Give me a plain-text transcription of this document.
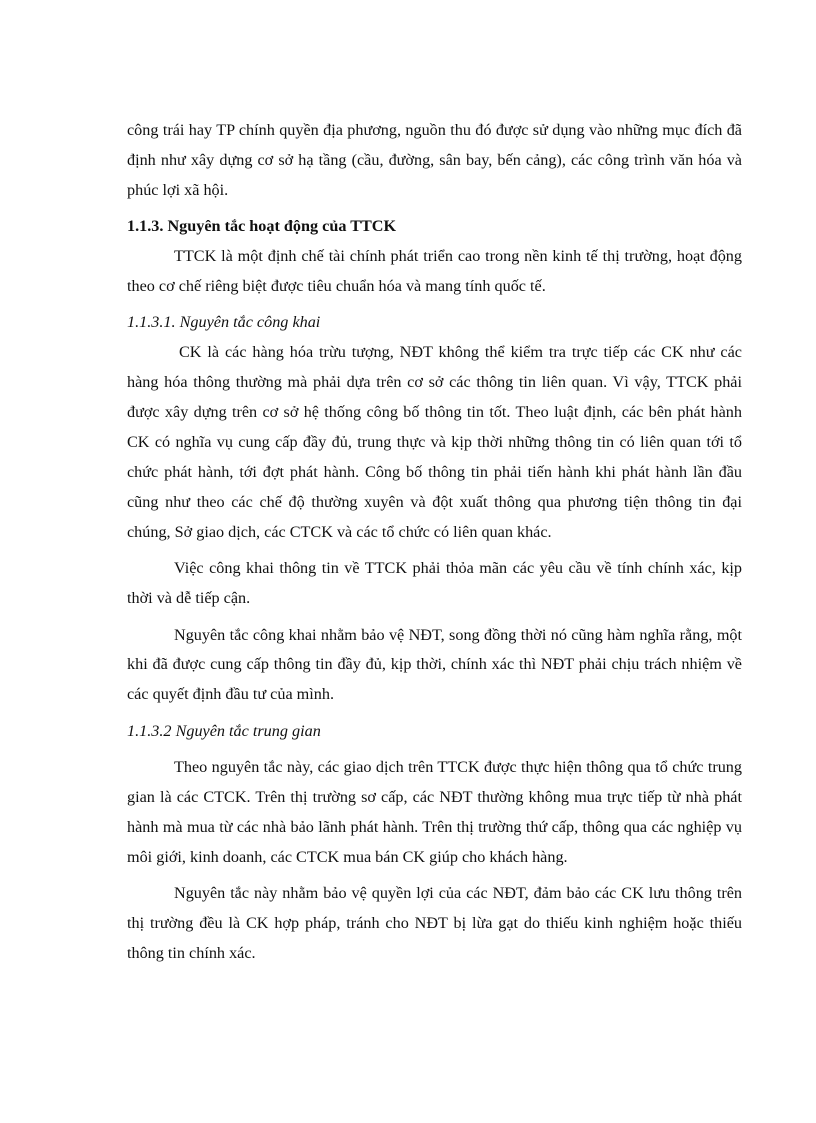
công trái hay TP chính quyền địa phương, nguồn thu đó được sử dụng vào những mục đích đã định như xây dựng cơ sở hạ tầng (cầu, đường, sân bay, bến cảng), các công trình văn hóa và phúc lợi xã hội.

1.1.3. Nguyên tắc hoạt động của TTCK

TTCK là một định chế tài chính phát triển cao trong nền kinh tế thị trường, hoạt động theo cơ chế riêng biệt được tiêu chuẩn hóa và mang tính quốc tế.

1.1.3.1. Nguyên tắc công khai

CK là các hàng hóa trừu tượng, NĐT không thể kiểm tra trực tiếp các CK như các hàng hóa thông thường mà phải dựa trên cơ sở các thông tin liên quan. Vì vậy, TTCK phải được xây dựng trên cơ sở hệ thống công bố thông tin tốt. Theo luật định, các bên phát hành CK có nghĩa vụ cung cấp đầy đủ, trung thực và kịp thời những thông tin có liên quan tới tổ chức phát hành, tới đợt phát hành. Công bố thông tin phải tiến hành khi phát hành lần đầu cũng như theo các chế độ thường xuyên và đột xuất thông qua phương tiện thông tin đại chúng, Sở giao dịch, các CTCK và các tổ chức có liên quan khác.

Việc công khai thông tin về TTCK phải thỏa mãn các yêu cầu về tính chính xác, kịp thời và dễ tiếp cận.

Nguyên tắc công khai nhằm bảo vệ NĐT, song đồng thời nó cũng hàm nghĩa rằng, một khi đã được cung cấp thông tin đầy đủ, kịp thời, chính xác thì NĐT phải chịu trách nhiệm về các quyết định đầu tư của mình.

1.1.3.2 Nguyên tắc trung gian

Theo nguyên tắc này, các giao dịch trên TTCK được thực hiện thông qua tổ chức trung gian là các CTCK. Trên thị trường sơ cấp, các NĐT thường không mua trực tiếp từ nhà phát hành mà mua từ các nhà bảo lãnh phát hành. Trên thị trường thứ cấp, thông qua các nghiệp vụ môi giới, kinh doanh, các CTCK mua bán CK giúp cho khách hàng.

Nguyên tắc này nhằm bảo vệ quyền lợi của các NĐT, đảm bảo các CK lưu thông trên thị trường đều là CK hợp pháp, tránh cho NĐT bị lừa gạt do thiếu kinh nghiệm hoặc thiếu thông tin chính xác.
